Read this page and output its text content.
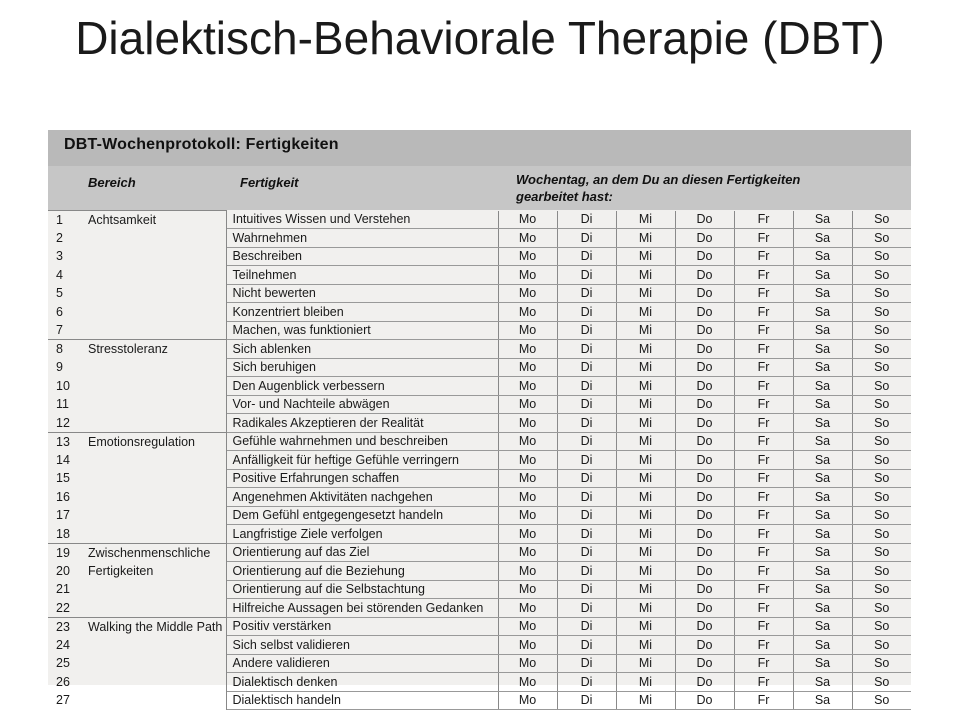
Dialektisch-Behaviorale Therapie (DBT)
DBT-Wochenprotokoll: Fertigkeiten
Bereich	Fertigkeit	Wochentag, an dem Du an diesen Fertigkeiten
gearbeitet hast:
1	Achtsamkeit	Intuitives Wissen und Verstehen	Mo	Di	Mi	Do	Fr	Sa	So
2		Wahrnehmen	Mo	Di	Mi	Do	Fr	Sa	So
3		Beschreiben	Mo	Di	Mi	Do	Fr	Sa	So
4		Teilnehmen	Mo	Di	Mi	Do	Fr	Sa	So
5		Nicht bewerten	Mo	Di	Mi	Do	Fr	Sa	So
6		Konzentriert bleiben	Mo	Di	Mi	Do	Fr	Sa	So
7		Machen, was funktioniert	Mo	Di	Mi	Do	Fr	Sa	So
8	Stresstoleranz	Sich ablenken	Mo	Di	Mi	Do	Fr	Sa	So
9		Sich beruhigen	Mo	Di	Mi	Do	Fr	Sa	So
10		Den Augenblick verbessern	Mo	Di	Mi	Do	Fr	Sa	So
11		Vor- und Nachteile abwägen	Mo	Di	Mi	Do	Fr	Sa	So
12		Radikales Akzeptieren der Realität	Mo	Di	Mi	Do	Fr	Sa	So
13	Emotionsregulation	Gefühle wahrnehmen und beschreiben	Mo	Di	Mi	Do	Fr	Sa	So
14		Anfälligkeit für heftige Gefühle verringern	Mo	Di	Mi	Do	Fr	Sa	So
15		Positive Erfahrungen schaffen	Mo	Di	Mi	Do	Fr	Sa	So
16		Angenehmen Aktivitäten nachgehen	Mo	Di	Mi	Do	Fr	Sa	So
17		Dem Gefühl entgegengesetzt handeln	Mo	Di	Mi	Do	Fr	Sa	So
18		Langfristige Ziele verfolgen	Mo	Di	Mi	Do	Fr	Sa	So
19	Zwischenmenschliche	Orientierung auf das Ziel	Mo	Di	Mi	Do	Fr	Sa	So
20	Fertigkeiten	Orientierung auf die Beziehung	Mo	Di	Mi	Do	Fr	Sa	So
21		Orientierung auf die Selbstachtung	Mo	Di	Mi	Do	Fr	Sa	So
22		Hilfreiche Aussagen bei störenden Gedanken	Mo	Di	Mi	Do	Fr	Sa	So
23	Walking the Middle Path	Positiv verstärken	Mo	Di	Mi	Do	Fr	Sa	So
24		Sich selbst validieren	Mo	Di	Mi	Do	Fr	Sa	So
25		Andere validieren	Mo	Di	Mi	Do	Fr	Sa	So
26		Dialektisch denken	Mo	Di	Mi	Do	Fr	Sa	So
27		Dialektisch handeln	Mo	Di	Mi	Do	Fr	Sa	So
